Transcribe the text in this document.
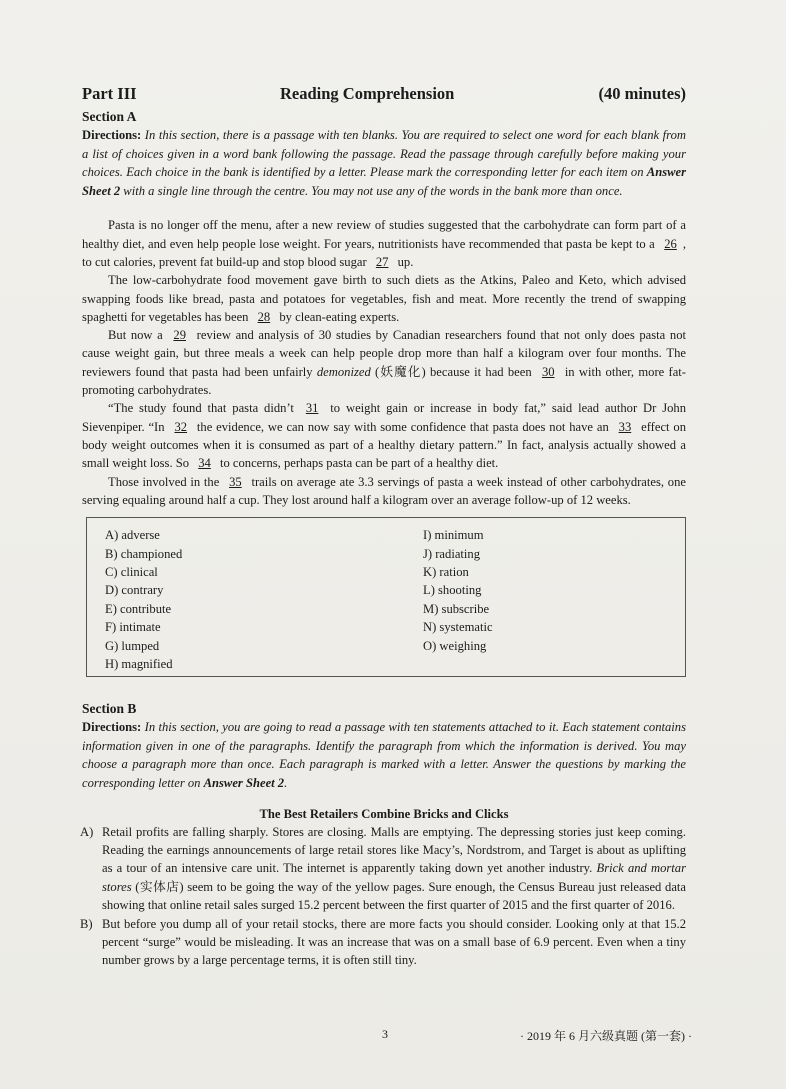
Part III	Reading Comprehension	(40 minutes)
Section A
Directions: In this section, there is a passage with ten blanks. You are required to select one word for each blank from a list of choices given in a word bank following the passage. Read the passage through carefully before making your choices. Each choice in the bank is identified by a letter. Please mark the corresponding letter for each item on Answer Sheet 2 with a single line through the centre. You may not use any of the words in the bank more than once.

Pasta is no longer off the menu, after a new review of studies suggested that the carbohydrate can form part of a healthy diet, and even help people lose weight. For years, nutritionists have recommended that pasta be kept to a 26 , to cut calories, prevent fat build-up and stop blood sugar 27 up.

The low-carbohydrate food movement gave birth to such diets as the Atkins, Paleo and Keto, which advised swapping foods like bread, pasta and potatoes for vegetables, fish and meat. More recently the trend of swapping spaghetti for vegetables has been 28 by clean-eating experts.

But now a 29 review and analysis of 30 studies by Canadian researchers found that not only does pasta not cause weight gain, but three meals a week can help people drop more than half a kilogram over four months. The reviewers found that pasta had been unfairly demonized (妖魔化) because it had been 30 in with other, more fat-promoting carbohydrates.

“The study found that pasta didn’t 31 to weight gain or increase in body fat,” said lead author Dr John Sievenpiper. “In 32 the evidence, we can now say with some confidence that pasta does not have an 33 effect on body weight outcomes when it is consumed as part of a healthy dietary pattern.” In fact, analysis actually showed a small weight loss. So 34 to concerns, perhaps pasta can be part of a healthy diet.

Those involved in the 35 trails on average ate 3.3 servings of pasta a week instead of other carbohydrates, one serving equaling around half a cup. They lost around half a kilogram over an average follow-up of 12 weeks.

A) adverse
B) championed
C) clinical
D) contrary
E) contribute
F) intimate
G) lumped
H) magnified
I) minimum
J) radiating
K) ration
L) shooting
M) subscribe
N) systematic
O) weighing
Section B
Directions: In this section, you are going to read a passage with ten statements attached to it. Each statement contains information given in one of the paragraphs. Identify the paragraph from which the information is derived. You may choose a paragraph more than once. Each paragraph is marked with a letter. Answer the questions by marking the corresponding letter on Answer Sheet 2.
The Best Retailers Combine Bricks and Clicks
A) Retail profits are falling sharply. Stores are closing. Malls are emptying. The depressing stories just keep coming. Reading the earnings announcements of large retail stores like Macy’s, Nordstrom, and Target is about as uplifting as a tour of an intensive care unit. The internet is apparently taking down yet another industry. Brick and mortar stores (实体店) seem to be going the way of the yellow pages. Sure enough, the Census Bureau just released data showing that online retail sales surged 15.2 percent between the first quarter of 2015 and the first quarter of 2016.
B) But before you dump all of your retail stocks, there are more facts you should consider. Looking only at that 15.2 percent “surge” would be misleading. It was an increase that was on a small base of 6.9 percent. Even when a tiny number grows by a large percentage terms, it is often still tiny.
3	· 2019 年 6 月六级真题 (第一套) ·
